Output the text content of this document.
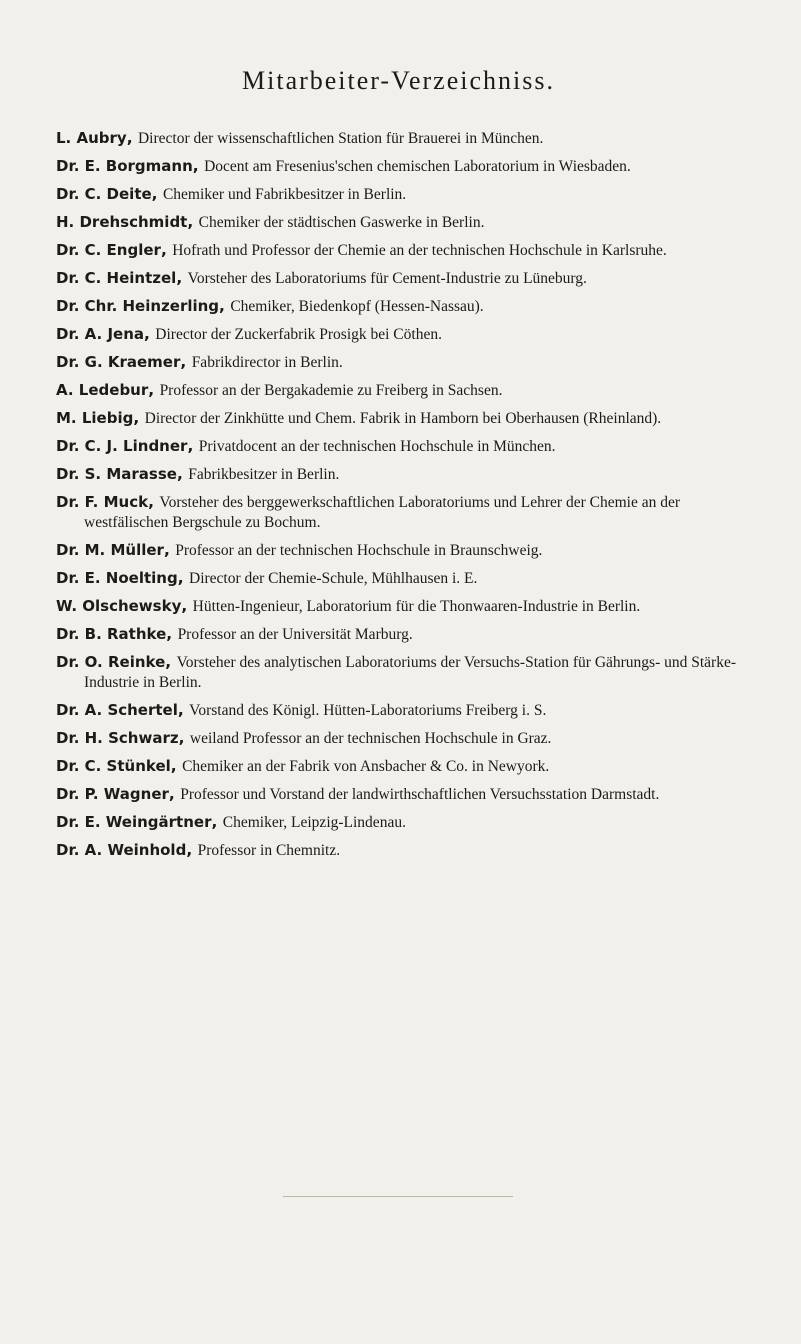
Mitarbeiter-Verzeichniss.
L. Aubry, Director der wissenschaftlichen Station für Brauerei in München.
Dr. E. Borgmann, Docent am Fresenius'schen chemischen Laboratorium in Wiesbaden.
Dr. C. Deite, Chemiker und Fabrikbesitzer in Berlin.
H. Drehschmidt, Chemiker der städtischen Gaswerke in Berlin.
Dr. C. Engler, Hofrath und Professor der Chemie an der technischen Hochschule in Karlsruhe.
Dr. C. Heintzel, Vorsteher des Laboratoriums für Cement-Industrie zu Lüneburg.
Dr. Chr. Heinzerling, Chemiker, Biedenkopf (Hessen-Nassau).
Dr. A. Jena, Director der Zuckerfabrik Prosigk bei Cöthen.
Dr. G. Kraemer, Fabrikdirector in Berlin.
A. Ledebur, Professor an der Bergakademie zu Freiberg in Sachsen.
M. Liebig, Director der Zinkhütte und Chem. Fabrik in Hamborn bei Oberhausen (Rheinland).
Dr. C. J. Lindner, Privatdocent an der technischen Hochschule in München.
Dr. S. Marasse, Fabrikbesitzer in Berlin.
Dr. F. Muck, Vorsteher des berggewerkschaftlichen Laboratoriums und Lehrer der Chemie an der westfälischen Bergschule zu Bochum.
Dr. M. Müller, Professor an der technischen Hochschule in Braunschweig.
Dr. E. Noelting, Director der Chemie-Schule, Mühlhausen i. E.
W. Olschewsky, Hütten-Ingenieur, Laboratorium für die Thonwaaren-Industrie in Berlin.
Dr. B. Rathke, Professor an der Universität Marburg.
Dr. O. Reinke, Vorsteher des analytischen Laboratoriums der Versuchs-Station für Gährungs- und Stärke-Industrie in Berlin.
Dr. A. Schertel, Vorstand des Königl. Hütten-Laboratoriums Freiberg i. S.
Dr. H. Schwarz, weiland Professor an der technischen Hochschule in Graz.
Dr. C. Stünkel, Chemiker an der Fabrik von Ansbacher & Co. in Newyork.
Dr. P. Wagner, Professor und Vorstand der landwirthschaftlichen Versuchsstation Darmstadt.
Dr. E. Weingärtner, Chemiker, Leipzig-Lindenau.
Dr. A. Weinhold, Professor in Chemnitz.
